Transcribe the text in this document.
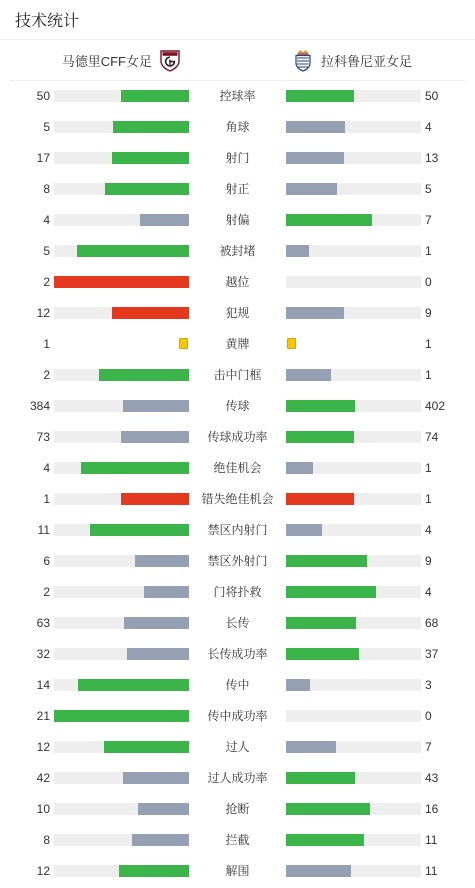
技术统计
马德里CFF女足	拉科鲁尼亚女足
50	控球率	50
5	角球	4
17	射门	13
8	射正	5
4	射偏	7
5	被封堵	1
2	越位	0
12	犯规	9
1	黄牌	1
2	击中门框	1
384	传球	402
73	传球成功率	74
4	绝佳机会	1
1	错失绝佳机会	1
11	禁区内射门	4
6	禁区外射门	9
2	门将扑救	4
63	长传	68
32	长传成功率	37
14	传中	3
21	传中成功率	0
12	过人	7
42	过人成功率	43
10	抢断	16
8	拦截	11
12	解围	11
